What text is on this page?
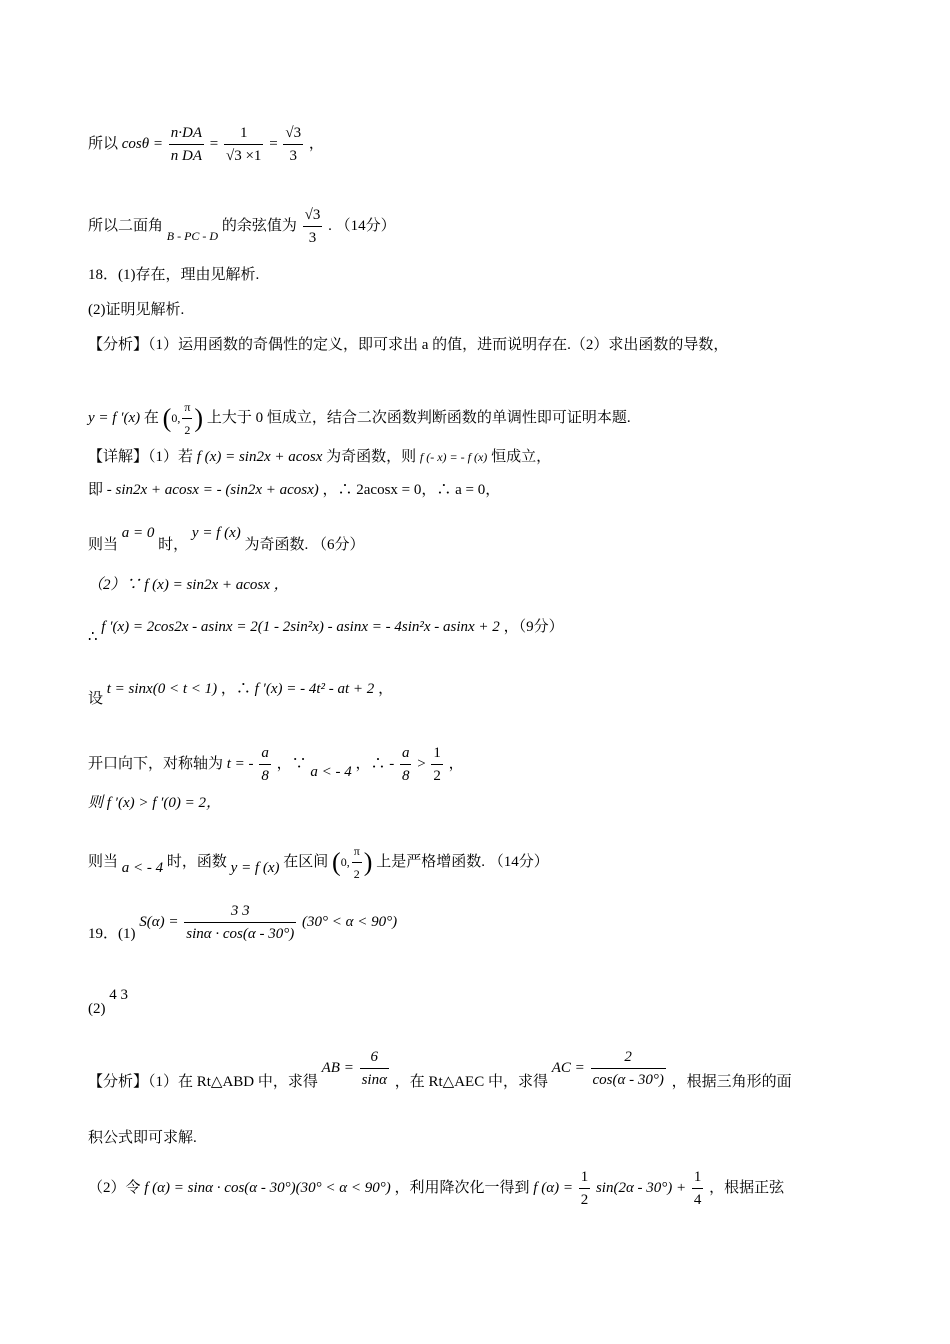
所以 $\cos\theta = \frac{n\cdot DA}{\text{n DA}} = \frac{1}{√3 \times 1} = \frac{√3}{3}$ ，
所以二面角 $_{B - PC - D}$ 的余弦值为 $\frac{√3}{3}$ . （14分）
18．(1)存在，理由见解析.
(2)证明见解析.
【分析】（1）运用函数的奇偶性的定义，即可求出 a 的值，进而说明存在.（2）求出函数的导数，
y = f ′(x) 在 (0, $\frac{\pi}{2}$ ) 上大于 0 恒成立，结合二次函数判断函数的单调性即可证明本题.
【详解】（1）若 f (x) = sin2x + acosx 为奇函数，则 f (- x) = - f (x) 恒成立，
即 - sin2x + acosx = - (sin2x + acosx) ，∴ 2acosx = 0，∴ a = 0，
则当 a = 0 时， y = f (x) 为奇函数. （6分）
（2）∵ f (x) = sin2x + acosx ，
∴ f ′(x) = 2cos2x - asinx = 2(1 - 2sin²x) - asinx = - 4sin²x - asinx + 2 ，（9分）
设 t = sinx(0 < t < 1) ，∴ f ′(x) = - 4t² - at + 2 ，
开口向下，对称轴为 t = - $\frac{a}{8}$ ，∵ a < - 4 ，∴ - $\frac{a}{8} > \frac{1}{2}$ ，
则 f ′(x) > f ′(0) = 2，
则当 a < - 4 时，函数 y = f (x) 在区间 (0, $\frac{\pi}{2}$ ) 上是严格增函数. （14分）
19．(1) $S(\alpha) = \frac{3 3}{\sin\alpha \cdot \cos(\alpha - 30^\circ)} (30^\circ < \alpha < 90^\circ)$
(2) 4 3
【分析】（1）在 Rt△ABD 中，求得 AB = $\frac{6}{\sin\alpha}$ ，在 Rt△AEC 中，求得 AC = $\frac{2}{\cos(\alpha - 30^\circ)}$ ，根据三角形的面
积公式即可求解.
（2）令 f (α) = sinα · cos(α - 30°)(30° < α < 90°) ，利用降次化一得到 f $(\alpha) = \frac{1}{2} \sin(2\alpha - 30^\circ) + \frac{1}{4}$ ，根据正弦
